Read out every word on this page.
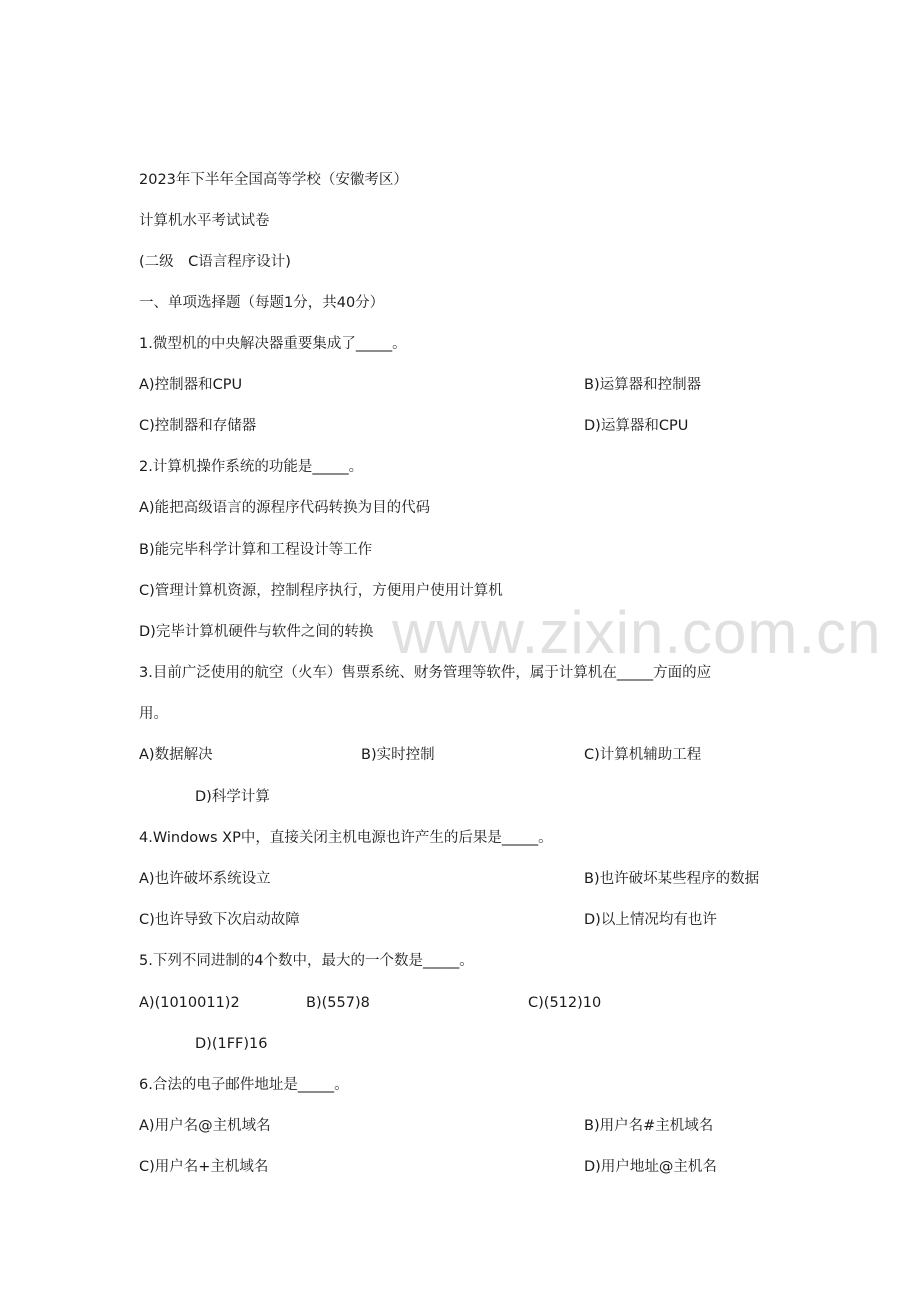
2023年下半年全国高等学校（安徽考区）
计算机水平考试试卷
(二级　C语言程序设计)
一、单项选择题（每题1分，共40分）
1.微型机的中央解决器重要集成了_____。
A)控制器和CPU	B)运算器和控制器
C)控制器和存储器	D)运算器和CPU
2.计算机操作系统的功能是_____。
A)能把高级语言的源程序代码转换为目的代码
B)能完毕科学计算和工程设计等工作
C)管理计算机资源，控制程序执行，方便用户使用计算机
D)完毕计算机硬件与软件之间的转换
3.目前广泛使用的航空（火车）售票系统、财务管理等软件，属于计算机在_____方面的应
用。
A)数据解决	B)实时控制	C)计算机辅助工程
D)科学计算
4.Windows XP中，直接关闭主机电源也许产生的后果是_____。
A)也许破坏系统设立	B)也许破坏某些程序的数据
C)也许导致下次启动故障	D)以上情况均有也许
5.下列不同进制的4个数中，最大的一个数是_____。
A)(1010011)2	B)(557)8	C)(512)10
D)(1FF)16
6.合法的电子邮件地址是_____。
A)用户名@主机域名	B)用户名#主机域名
C)用户名+主机域名	D)用户地址@主机名
www.zixin.com.cn
